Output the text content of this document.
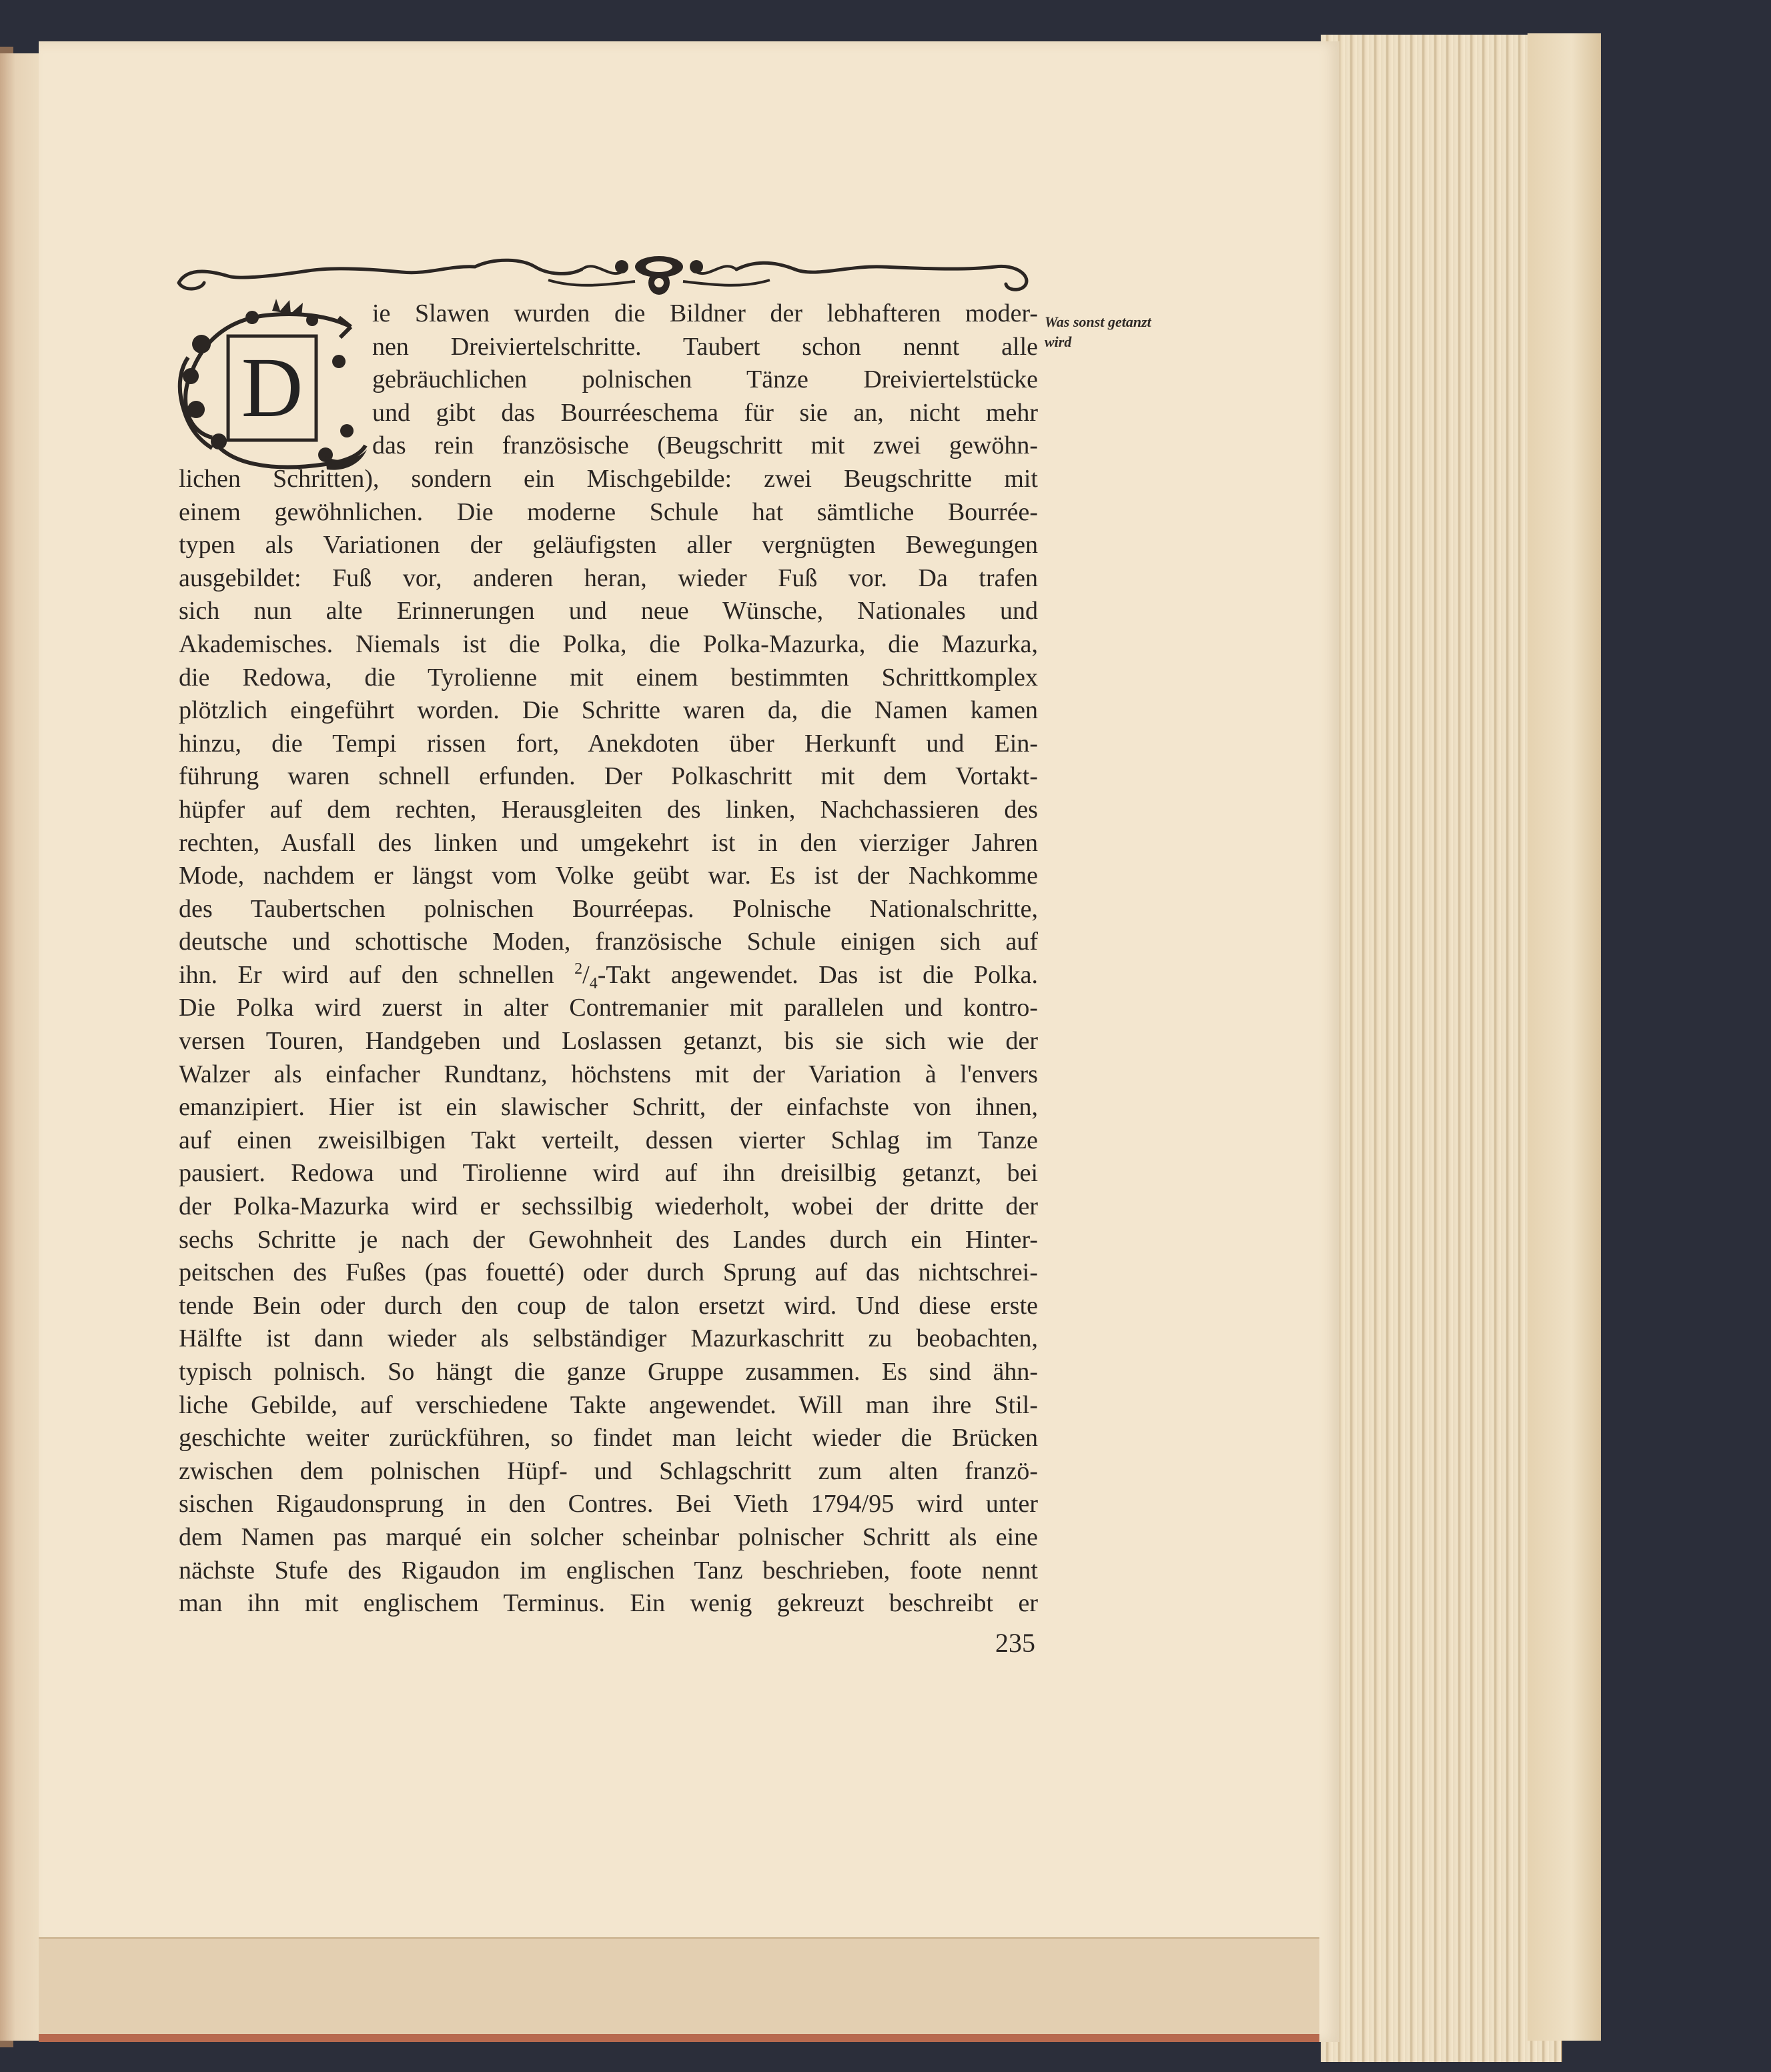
D
Was sonst getanzt
wird
ie Slawen wurden die Bildner der lebhafteren moder-
nen Dreiviertelschritte. Taubert schon nennt alle
gebräuchlichen polnischen Tänze Dreiviertelstücke
und gibt das Bourréeschema für sie an, nicht mehr
das rein französische (Beugschritt mit zwei gewöhn-
lichen Schritten), sondern ein Mischgebilde: zwei Beugschritte mit
einem gewöhnlichen. Die moderne Schule hat sämtliche Bourrée-
typen als Variationen der geläufigsten aller vergnügten Bewegungen
ausgebildet: Fuß vor, anderen heran, wieder Fuß vor. Da trafen
sich nun alte Erinnerungen und neue Wünsche, Nationales und
Akademisches. Niemals ist die Polka, die Polka-Mazurka, die Mazurka,
die Redowa, die Tyrolienne mit einem bestimmten Schrittkomplex
plötzlich eingeführt worden. Die Schritte waren da, die Namen kamen
hinzu, die Tempi rissen fort, Anekdoten über Herkunft und Ein-
führung waren schnell erfunden. Der Polkaschritt mit dem Vortakt-
hüpfer auf dem rechten, Herausgleiten des linken, Nachchassieren des
rechten, Ausfall des linken und umgekehrt ist in den vierziger Jahren
Mode, nachdem er längst vom Volke geübt war. Es ist der Nachkomme
des Taubertschen polnischen Bourréepas. Polnische Nationalschritte,
deutsche und schottische Moden, französische Schule einigen sich auf
ihn. Er wird auf den schnellen $^2/_4$-Takt angewendet. Das ist die Polka.
Die Polka wird zuerst in alter Contremanier mit parallelen und kontro-
versen Touren, Handgeben und Loslassen getanzt, bis sie sich wie der
Walzer als einfacher Rundtanz, höchstens mit der Variation à l'envers
emanzipiert. Hier ist ein slawischer Schritt, der einfachste von ihnen,
auf einen zweisilbigen Takt verteilt, dessen vierter Schlag im Tanze
pausiert. Redowa und Tirolienne wird auf ihn dreisilbig getanzt, bei
der Polka-Mazurka wird er sechssilbig wiederholt, wobei der dritte der
sechs Schritte je nach der Gewohnheit des Landes durch ein Hinter-
peitschen des Fußes (pas fouetté) oder durch Sprung auf das nichtschrei-
tende Bein oder durch den coup de talon ersetzt wird. Und diese erste
Hälfte ist dann wieder als selbständiger Mazurkaschritt zu beobachten,
typisch polnisch. So hängt die ganze Gruppe zusammen. Es sind ähn-
liche Gebilde, auf verschiedene Takte angewendet. Will man ihre Stil-
geschichte weiter zurückführen, so findet man leicht wieder die Brücken
zwischen dem polnischen Hüpf- und Schlagschritt zum alten franzö-
sischen Rigaudonsprung in den Contres. Bei Vieth 1794/95 wird unter
dem Namen pas marqué ein solcher scheinbar polnischer Schritt als eine
nächste Stufe des Rigaudon im englischen Tanz beschrieben, foote nennt
man ihn mit englischem Terminus. Ein wenig gekreuzt beschreibt er
235
